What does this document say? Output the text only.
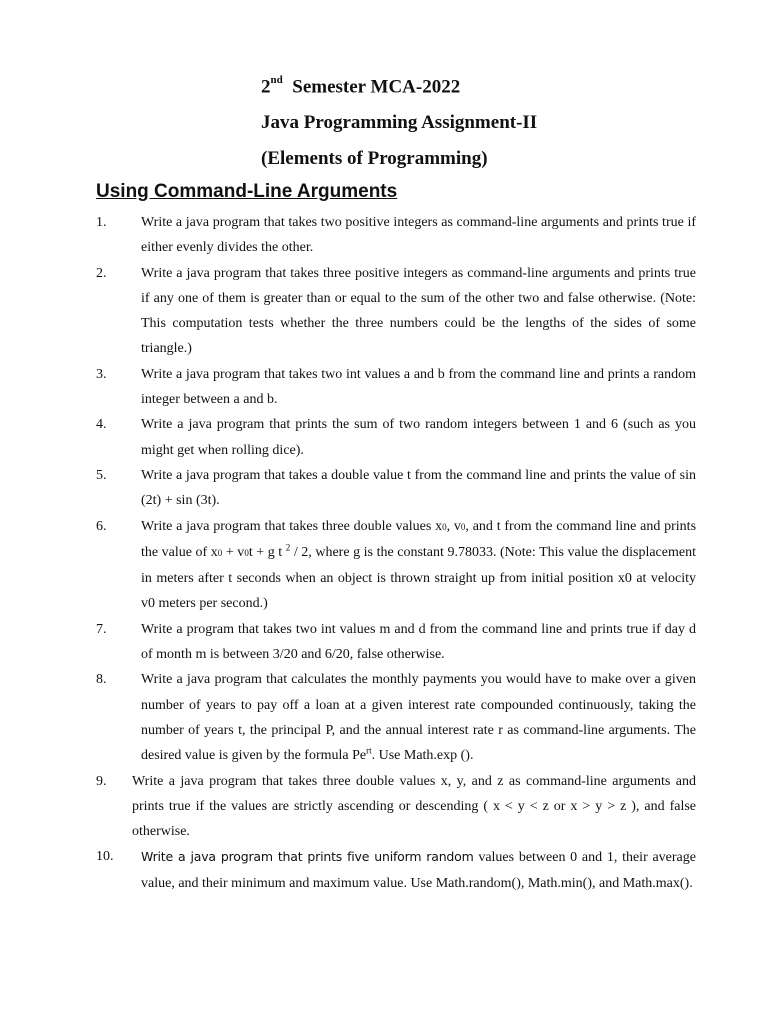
2nd Semester MCA-2022
Java Programming Assignment-II
(Elements of Programming)
Using Command-Line Arguments
1. Write a java program that takes two positive integers as command-line arguments and prints true if either evenly divides the other.
2. Write a java program that takes three positive integers as command-line arguments and prints true if any one of them is greater than or equal to the sum of the other two and false otherwise. (Note: This computation tests whether the three numbers could be the lengths of the sides of some triangle.)
3. Write a java program that takes two int values a and b from the command line and prints a random integer between a and b.
4. Write a java program that prints the sum of two random integers between 1 and 6 (such as you might get when rolling dice).
5. Write a java program that takes a double value t from the command line and prints the value of sin (2t) + sin (3t).
6. Write a java program that takes three double values x0, v0, and t from the command line and prints the value of x0 + v0t + g t $^2$ / 2, where g is the constant 9.78033. (Note: This value the displacement in meters after t seconds when an object is thrown straight up from initial position x0 at velocity v0 meters per second.)
7. Write a program that takes two int values m and d from the command line and prints true if day d of month m is between 3/20 and 6/20, false otherwise.
8. Write a java program that calculates the monthly payments you would have to make over a given number of years to pay off a loan at a given interest rate compounded continuously, taking the number of years t, the principal P, and the annual interest rate r as command-line arguments. The desired value is given by the formula $Pe^{rt}$. Use Math.exp ().
9. Write a java program that takes three double values x, y, and z as command-line arguments and prints true if the values are strictly ascending or descending ( x < y < z or x > y > z ), and false otherwise.
10. Write a java program that prints five uniform random values between 0 and 1, their average value, and their minimum and maximum value. Use Math.random(), Math.min(), and Math.max().
